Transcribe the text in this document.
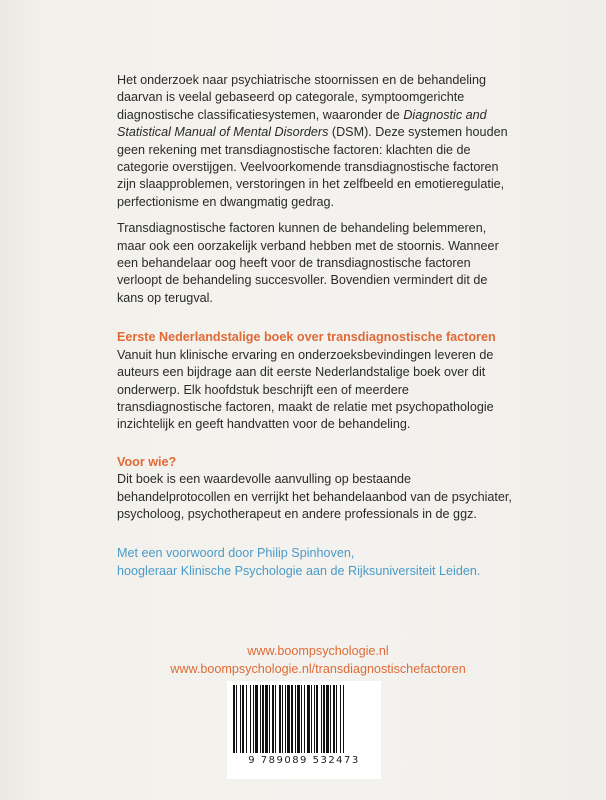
Het onderzoek naar psychiatrische stoornissen en de behandeling daarvan is veelal gebaseerd op categorale, symptoomgerichte diagnostische classificatiesystemen, waaronder de Diagnostic and Statistical Manual of Mental Disorders (DSM). Deze systemen houden geen rekening met transdiagnostische factoren: klachten die de categorie overstijgen. Veelvoorkomende transdiagnostische factoren zijn slaapproblemen, verstoringen in het zelfbeeld en emotieregulatie, perfectionisme en dwangmatig gedrag.

Transdiagnostische factoren kunnen de behandeling belemmeren, maar ook een oorzakelijk verband hebben met de stoornis. Wanneer een behandelaar oog heeft voor de transdiagnostische factoren verloopt de behandeling succesvoller. Bovendien vermindert dit de kans op terugval.

Eerste Nederlandstalige boek over transdiagnostische factoren

Vanuit hun klinische ervaring en onderzoeksbevindingen leveren de auteurs een bijdrage aan dit eerste Nederlandstalige boek over dit onderwerp. Elk hoofdstuk beschrijft een of meerdere transdiagnostische factoren, maakt de relatie met psychopathologie inzichtelijk en geeft handvatten voor de behandeling.

Voor wie?

Dit boek is een waardevolle aanvulling op bestaande behandelprotocollen en verrijkt het behandelaanbod van de psychiater, psycholoog, psychotherapeut en andere professionals in de ggz.

Met een voorwoord door Philip Spinhoven,

hoogleraar Klinische Psychologie aan de Rijksuniversiteit Leiden.

www.boompsychologie.nl

www.boompsychologie.nl/transdiagnostischefactoren

9 789089 532473
